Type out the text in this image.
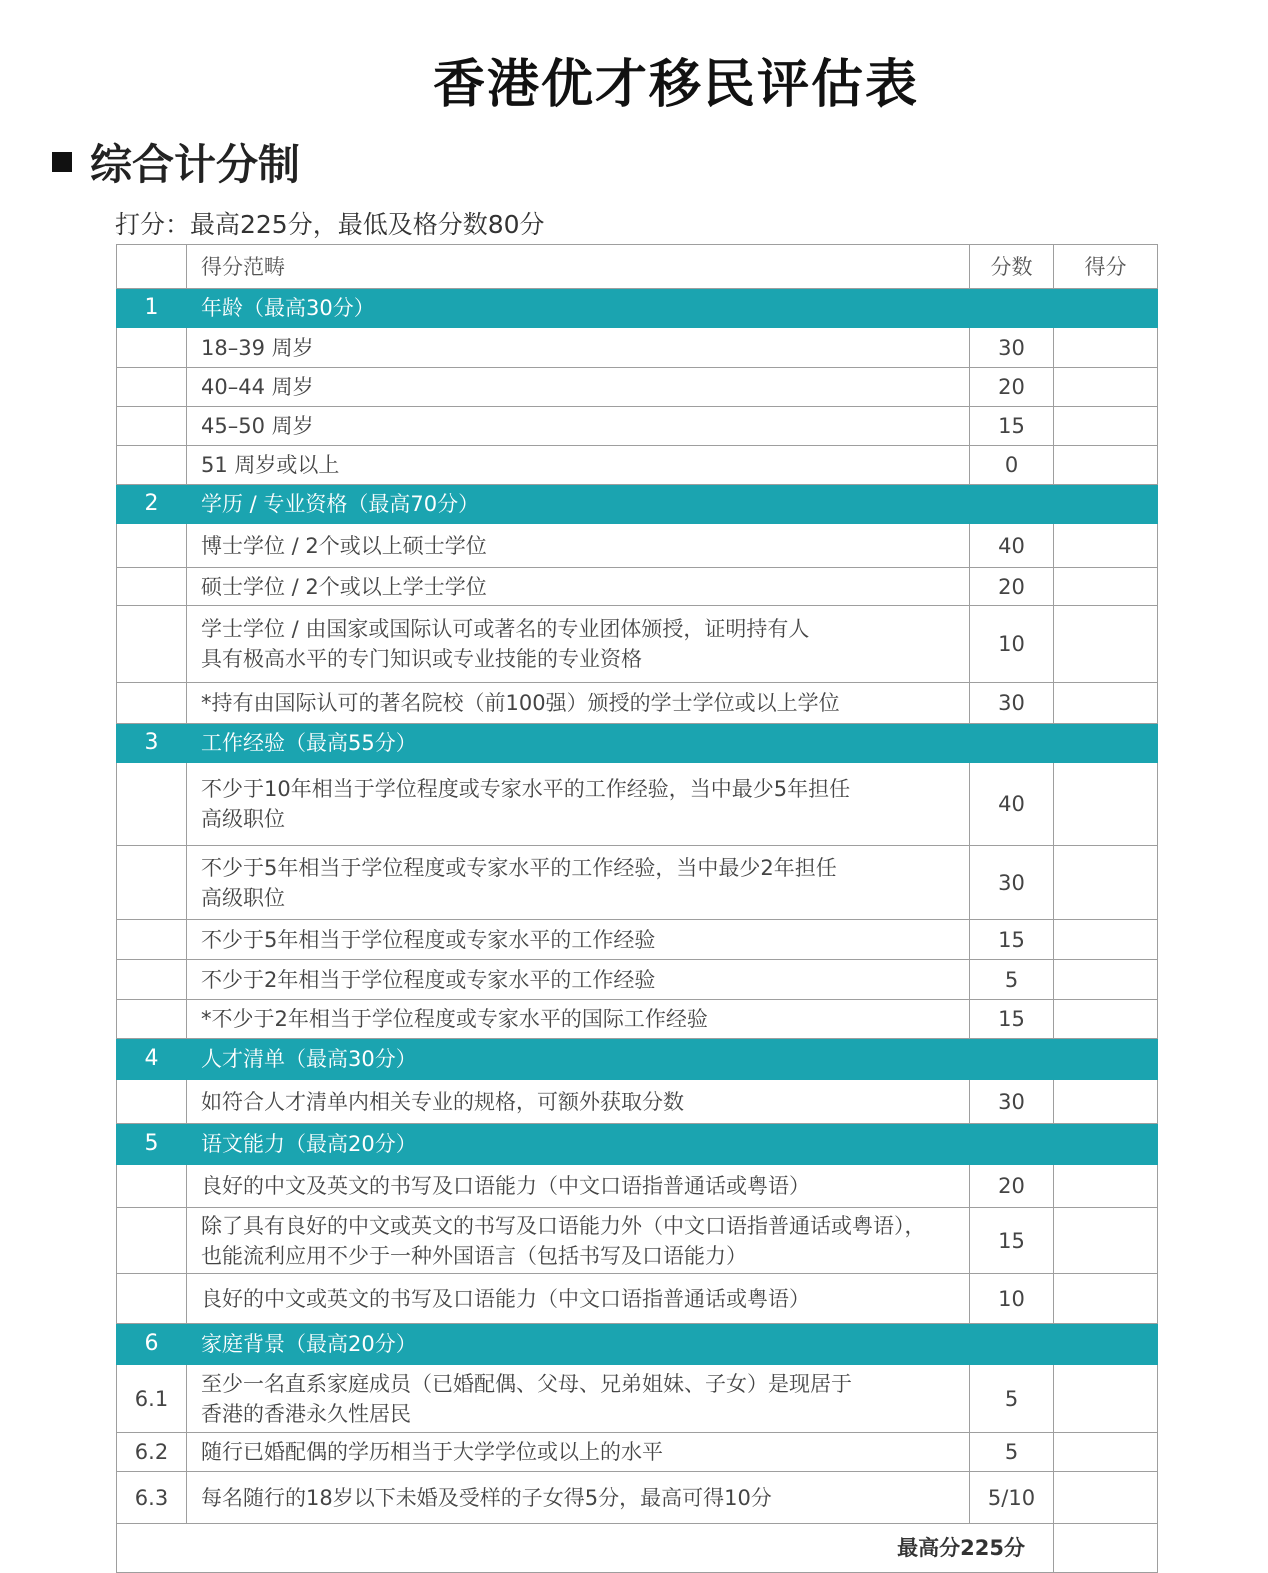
香港优才移民评估表
综合计分制
打分：最高225分，最低及格分数80分
	得分范畴	分数	得分
1	年龄（最高30分）		
	18–39 周岁	30	
	40–44 周岁	20	
	45–50 周岁	15	
	51 周岁或以上	0	
2	学历 / 专业资格（最高70分）		
	博士学位 / 2个或以上硕士学位	40	
	硕士学位 / 2个或以上学士学位	20	
	学士学位 / 由国家或国际认可或著名的专业团体颁授，证明持有人
具有极高水平的专门知识或专业技能的专业资格	10	
	*持有由国际认可的著名院校（前100强）颁授的学士学位或以上学位	30	
3	工作经验（最高55分）		
	不少于10年相当于学位程度或专家水平的工作经验，当中最少5年担任
高级职位	40	
	不少于5年相当于学位程度或专家水平的工作经验，当中最少2年担任
高级职位	30	
	不少于5年相当于学位程度或专家水平的工作经验	15	
	不少于2年相当于学位程度或专家水平的工作经验	5	
	*不少于2年相当于学位程度或专家水平的国际工作经验	15	
4	人才清单（最高30分）		
	如符合人才清单内相关专业的规格，可额外获取分数	30	
5	语文能力（最高20分）		
	良好的中文及英文的书写及口语能力（中文口语指普通话或粤语）	20	
	除了具有良好的中文或英文的书写及口语能力外（中文口语指普通话或粤语），
也能流利应用不少于一种外国语言（包括书写及口语能力）	15	
	良好的中文或英文的书写及口语能力（中文口语指普通话或粤语）	10	
6	家庭背景（最高20分）		
6.1	至少一名直系家庭成员（已婚配偶、父母、兄弟姐妹、子女）是现居于
香港的香港永久性居民	5	
6.2	随行已婚配偶的学历相当于大学学位或以上的水平	5	
6.3	每名随行的18岁以下未婚及受样的子女得5分，最高可得10分	5/10	
最高分225分			
